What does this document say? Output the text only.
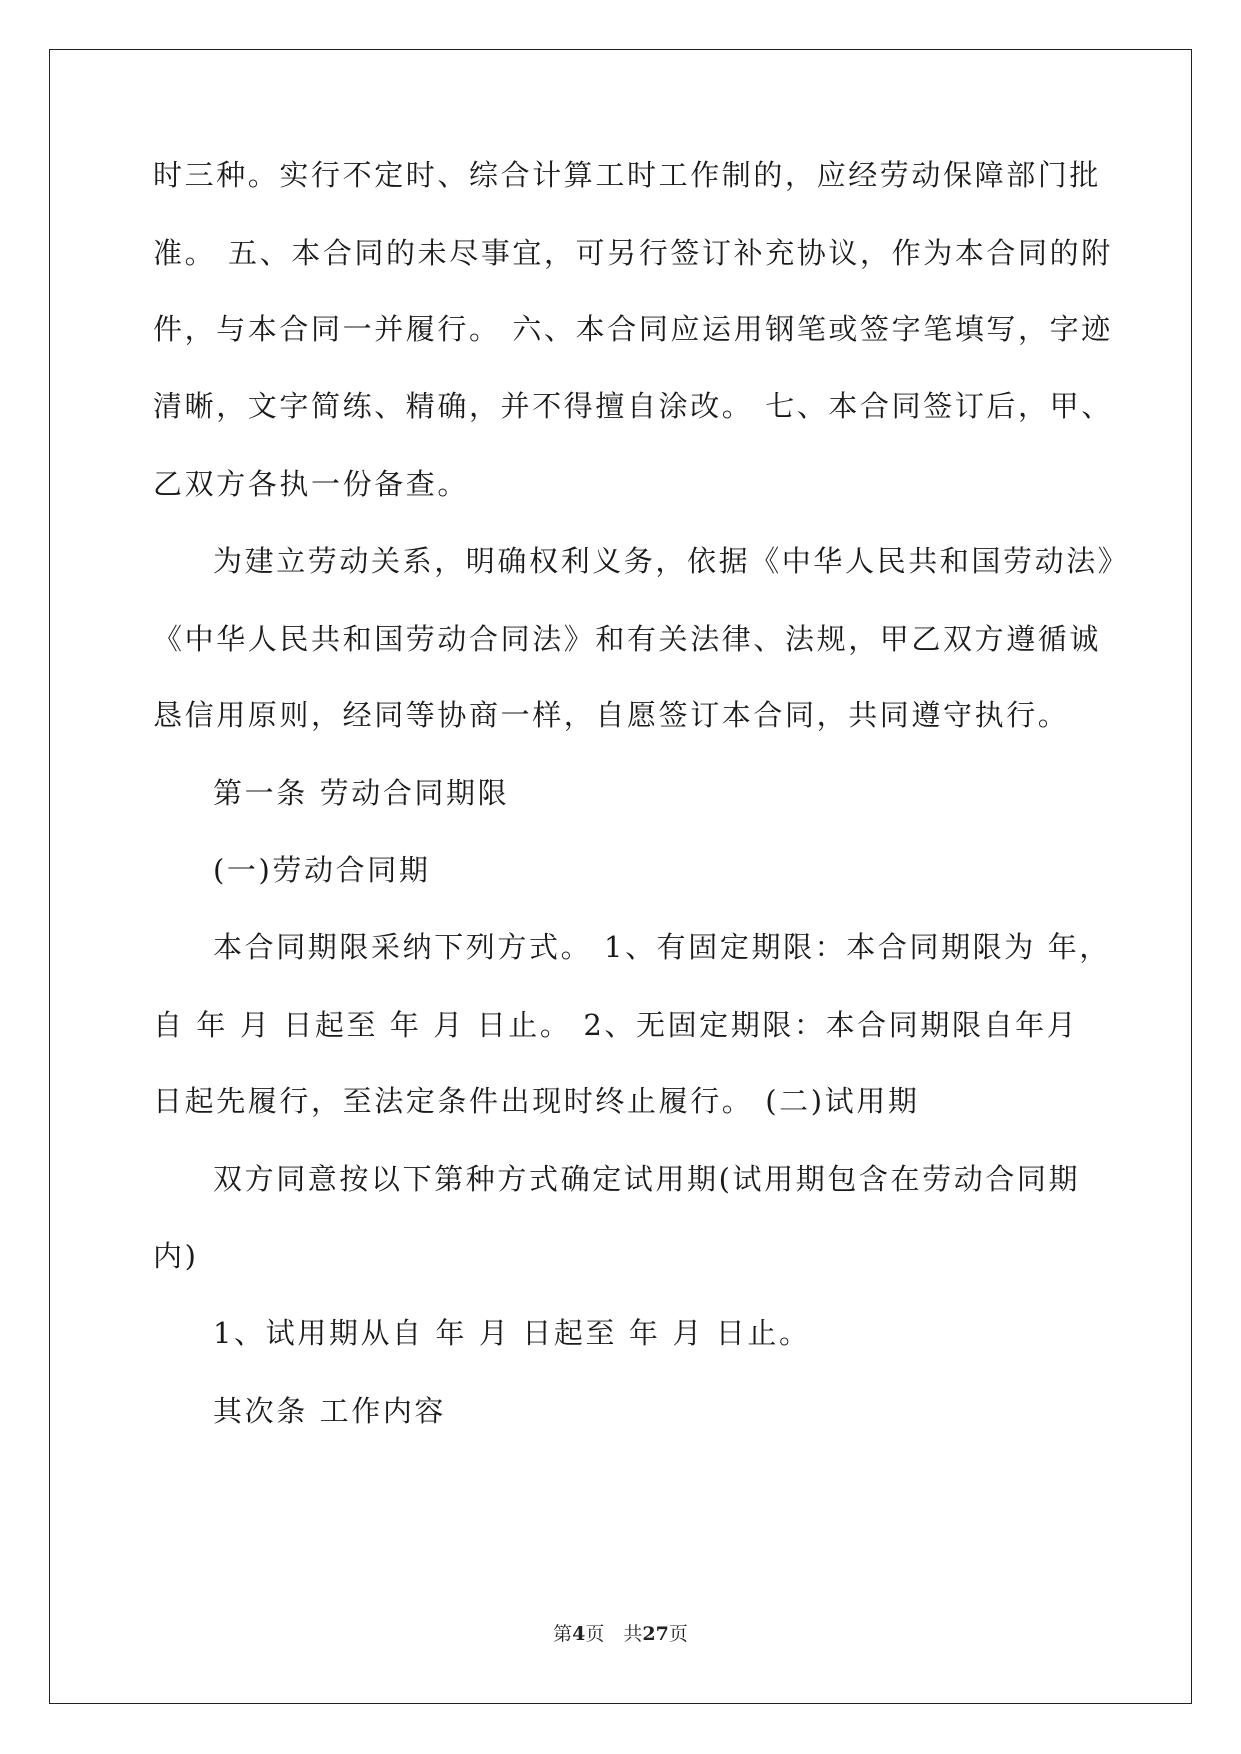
时三种。实行不定时、综合计算工时工作制的，应经劳动保障部门批
准。 五、本合同的未尽事宜，可另行签订补充协议，作为本合同的附
件，与本合同一并履行。 六、本合同应运用钢笔或签字笔填写，字迹
清晰，文字简练、精确，并不得擅自涂改。 七、本合同签订后，甲、
乙双方各执一份备查。
为建立劳动关系，明确权利义务，依据《中华人民共和国劳动法》
《中华人民共和国劳动合同法》和有关法律、法规，甲乙双方遵循诚
恳信用原则，经同等协商一样，自愿签订本合同，共同遵守执行。
第一条 劳动合同期限
(一)劳动合同期
本合同期限采纳下列方式。 1、有固定期限：本合同期限为 年，
自 年 月 日起至 年 月 日止。 2、无固定期限：本合同期限自年月
日起先履行，至法定条件出现时终止履行。 (二)试用期
双方同意按以下第种方式确定试用期(试用期包含在劳动合同期
内)
1、试用期从自 年 月 日起至 年 月 日止。
其次条 工作内容
第4页　共27页
